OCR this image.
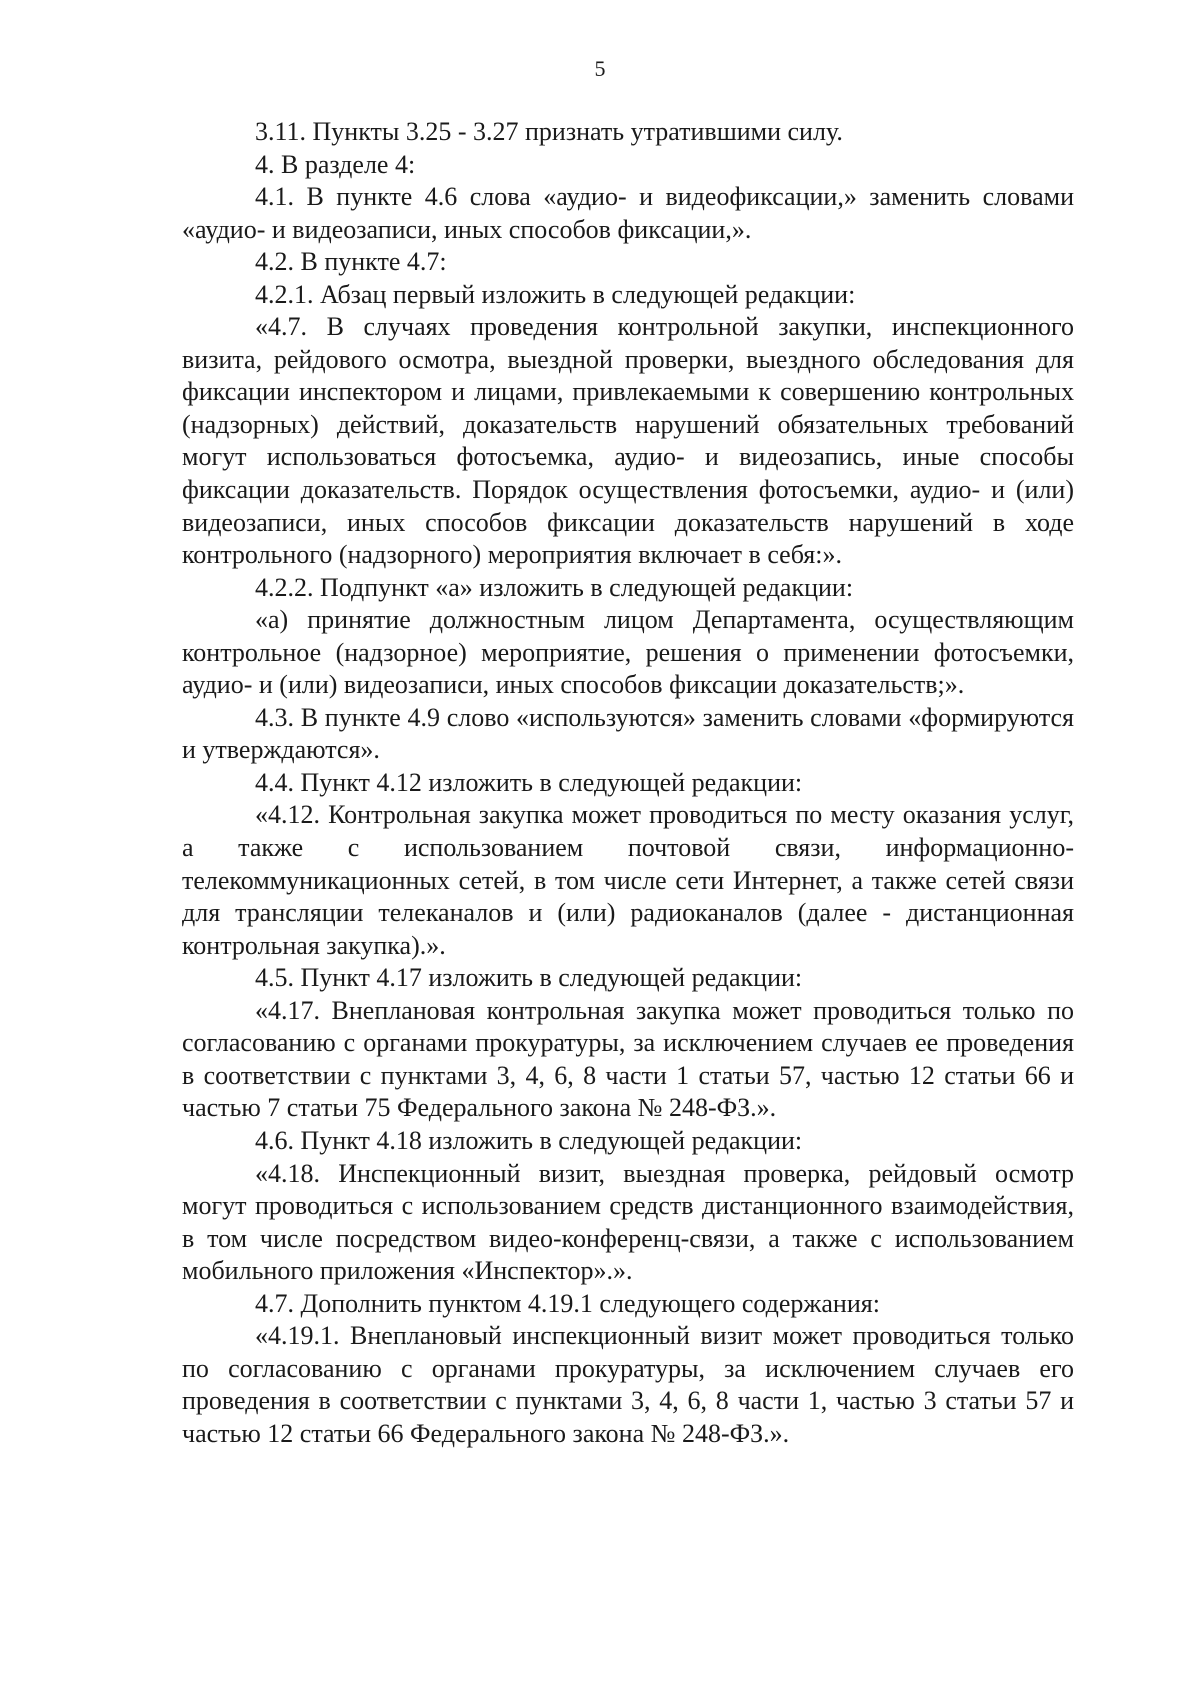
5

3.11. Пункты 3.25 - 3.27 признать утратившими силу.

4. В разделе 4:

4.1. В пункте 4.6 слова «аудио- и видеофиксации,» заменить словами «аудио- и видеозаписи, иных способов фиксации,».

4.2. В пункте 4.7:

4.2.1. Абзац первый изложить в следующей редакции:

«4.7. В случаях проведения контрольной закупки, инспекционного визита, рейдового осмотра, выездной проверки, выездного обследования для фиксации инспектором и лицами, привлекаемыми к совершению контрольных (надзорных) действий, доказательств нарушений обязательных требований могут использоваться фотосъемка, аудио- и видеозапись, иные способы фиксации доказательств. Порядок осуществления фотосъемки, аудио- и (или) видеозаписи, иных способов фиксации доказательств нарушений в ходе контрольного (надзорного) мероприятия включает в себя:».

4.2.2. Подпункт «а» изложить в следующей редакции:

«а) принятие должностным лицом Департамента, осуществляющим контрольное (надзорное) мероприятие, решения о применении фотосъемки, аудио- и (или) видеозаписи, иных способов фиксации доказательств;».

4.3. В пункте 4.9 слово «используются» заменить словами «формируются и утверждаются».

4.4. Пункт 4.12 изложить в следующей редакции:

«4.12. Контрольная закупка может проводиться по месту оказания услуг, а также с использованием почтовой связи, информационно-телекоммуникационных сетей, в том числе сети Интернет, а также сетей связи для трансляции телеканалов и (или) радиоканалов (далее - дистанционная контрольная закупка).».

4.5. Пункт 4.17 изложить в следующей редакции:

«4.17. Внеплановая контрольная закупка может проводиться только по согласованию с органами прокуратуры, за исключением случаев ее проведения в соответствии с пунктами 3, 4, 6, 8 части 1 статьи 57, частью 12 статьи 66 и частью 7 статьи 75 Федерального закона № 248-ФЗ.».

4.6. Пункт 4.18 изложить в следующей редакции:

«4.18. Инспекционный визит, выездная проверка, рейдовый осмотр могут проводиться с использованием средств дистанционного взаимодействия, в том числе посредством видео-конференц-связи, а также с использованием мобильного приложения «Инспектор».».

4.7. Дополнить пунктом 4.19.1 следующего содержания:

«4.19.1. Внеплановый инспекционный визит может проводиться только по согласованию с органами прокуратуры, за исключением случаев его проведения в соответствии с пунктами 3, 4, 6, 8 части 1, частью 3 статьи 57 и частью 12 статьи 66 Федерального закона № 248-ФЗ.».
